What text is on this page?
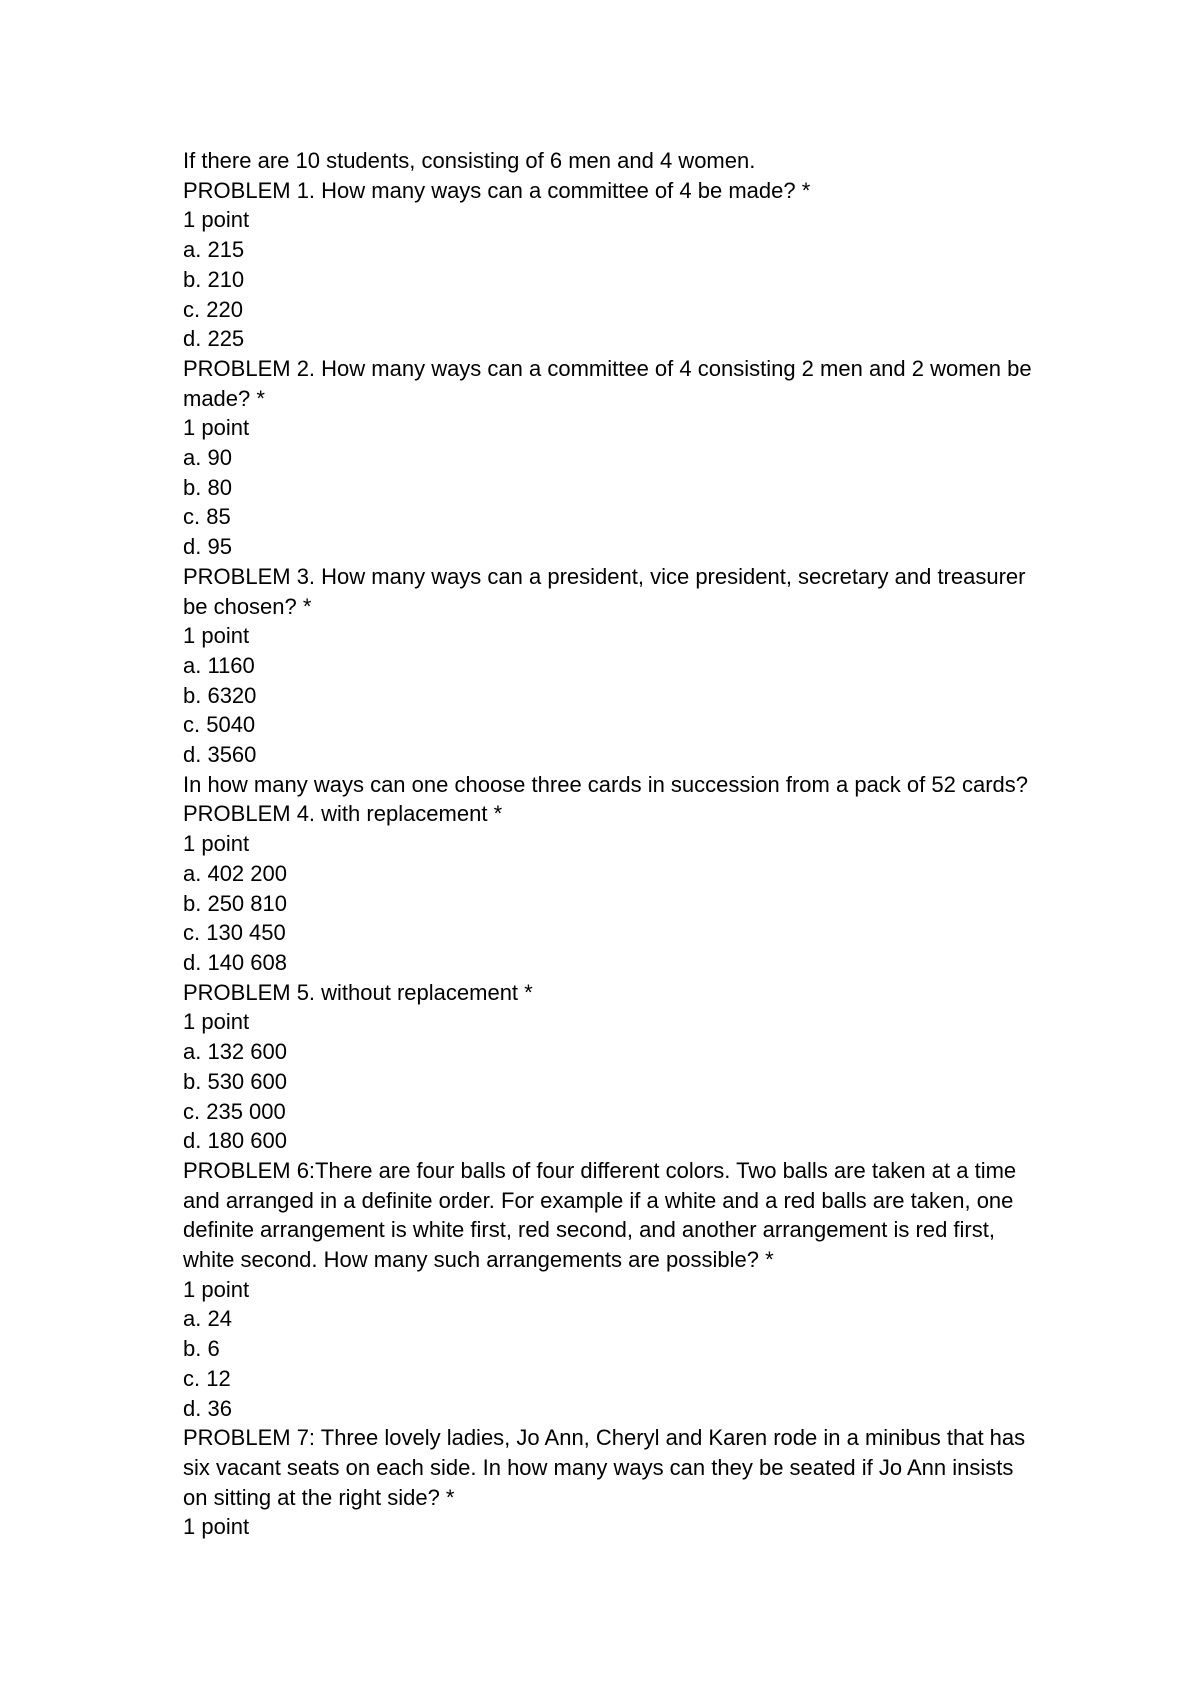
If there are 10 students, consisting of 6 men and 4 women.
PROBLEM 1. How many ways can a committee of 4 be made? *
1 point
a. 215
b. 210
c. 220
d. 225
PROBLEM 2. How many ways can a committee of 4 consisting 2 men and 2 women be
made? *
1 point
a. 90
b. 80
c. 85
d. 95
PROBLEM 3. How many ways can a president, vice president, secretary and treasurer
be chosen? *
1 point
a. 1160
b. 6320
c. 5040
d. 3560
In how many ways can one choose three cards in succession from a pack of 52 cards?
PROBLEM 4. with replacement *
1 point
a. 402 200
b. 250 810
c. 130 450
d. 140 608
PROBLEM 5. without replacement *
1 point
a. 132 600
b. 530 600
c. 235 000
d. 180 600
PROBLEM 6:There are four balls of four different colors. Two balls are taken at a time
and arranged in a definite order. For example if a white and a red balls are taken, one
definite arrangement is white first, red second, and another arrangement is red first,
white second. How many such arrangements are possible? *
1 point
a. 24
b. 6
c. 12
d. 36
PROBLEM 7: Three lovely ladies, Jo Ann, Cheryl and Karen rode in a minibus that has
six vacant seats on each side. In how many ways can they be seated if Jo Ann insists
on sitting at the right side? *
1 point
